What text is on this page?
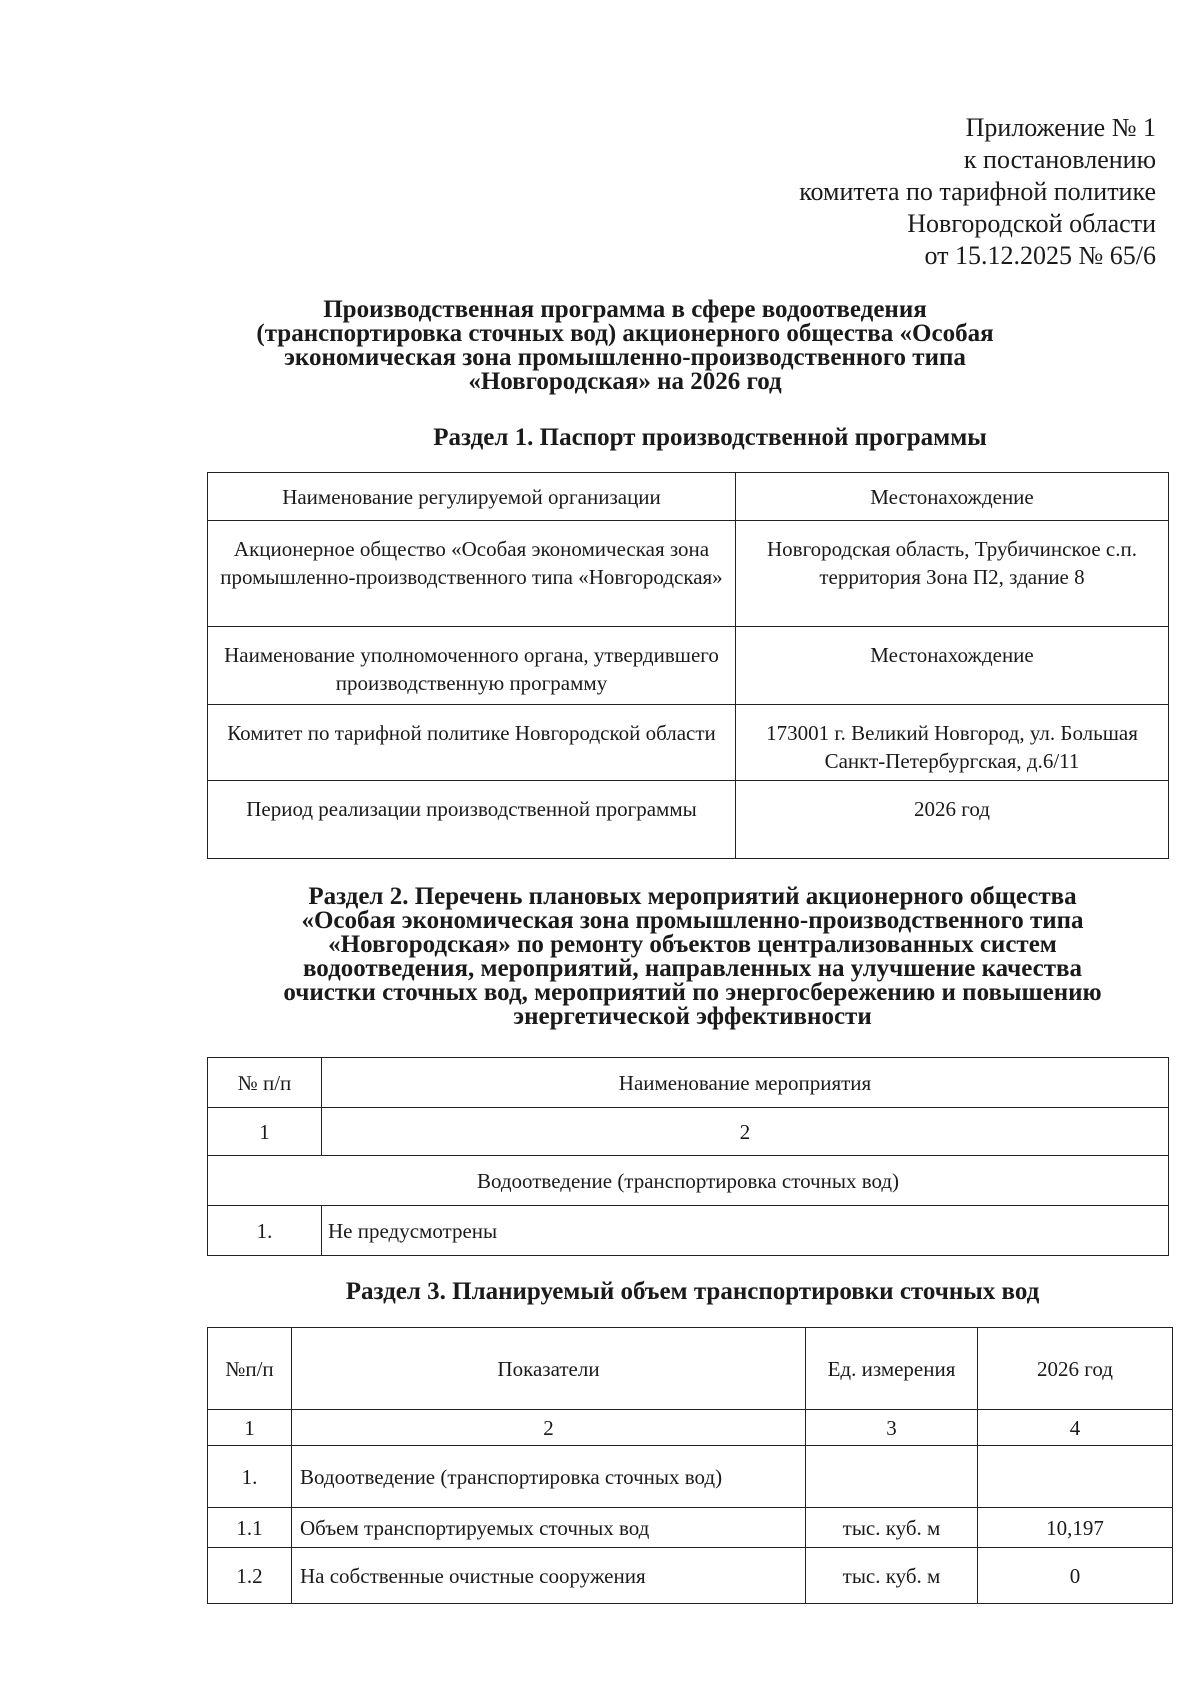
Приложение № 1
к постановлению
комитета по тарифной политике
Новгородской области
от 15.12.2025 № 65/6
Производственная программа в сфере водоотведения
(транспортировка сточных вод) акционерного общества «Особая
экономическая зона промышленно-производственного типа
«Новгородская» на 2026 год
Раздел 1. Паспорт производственной программы
Наименование регулируемой организации	Местонахождение
Акционерное общество «Особая экономическая зона промышленно-производственного типа «Новгородская»	Новгородская область, Трубичинское с.п. территория Зона П2, здание 8
Наименование уполномоченного органа, утвердившего производственную программу	Местонахождение
Комитет по тарифной политике Новгородской области	173001 г. Великий Новгород, ул. Большая Санкт-Петербургская, д.6/11
Период реализации производственной программы	2026 год
Раздел 2. Перечень плановых мероприятий акционерного общества
«Особая экономическая зона промышленно-производственного типа
«Новгородская» по ремонту объектов централизованных систем
водоотведения, мероприятий, направленных на улучшение качества
очистки сточных вод, мероприятий по энергосбережению и повышению
энергетической эффективности
№ п/п	Наименование мероприятия
1	2
Водоотведение (транспортировка сточных вод)	
1.	Не предусмотрены
Раздел 3. Планируемый объем транспортировки сточных вод
№п/п	Показатели	Ед. измерения	2026 год
1	2	3	4
1.	Водоотведение (транспортировка сточных вод)		
1.1	Объем транспортируемых сточных вод	тыс. куб. м	10,197
1.2	На собственные очистные сооружения	тыс. куб. м	0
